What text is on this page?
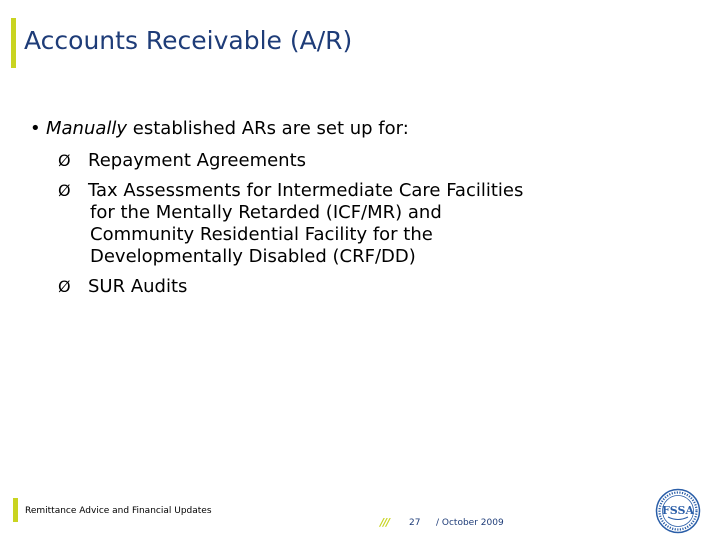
Accounts Receivable (A/R)
• Manually established ARs are set up for:
Ø Repayment Agreements
Ø Tax Assessments for Intermediate Care Facilities
for the Mentally Retarded (ICF/MR) and
Community Residential Facility for the
Developmentally Disabled (CRF/DD)
Ø SUR Audits
Remittance Advice and Financial Updates
/// 27 / October 2009
FSSA
